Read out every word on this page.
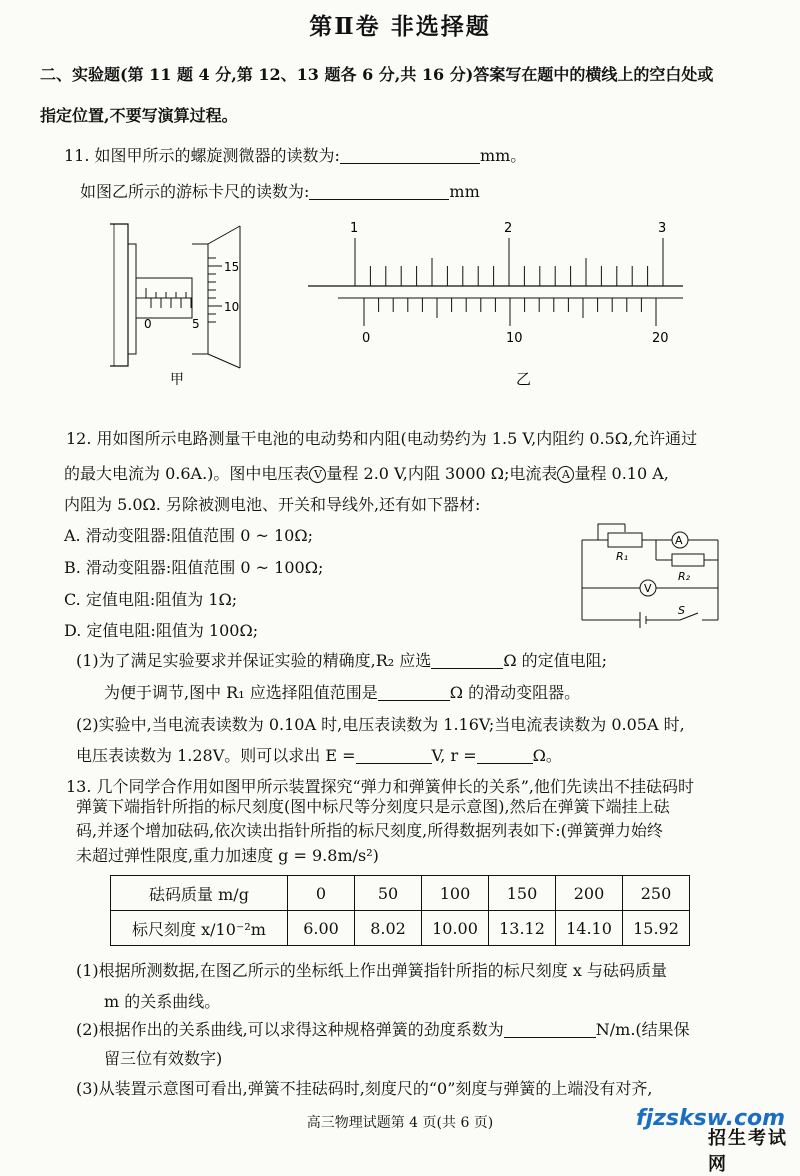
第Ⅱ卷 非选择题
二、实验题(第 11 题 4 分,第 12、13 题各 6 分,共 16 分)答案写在题中的横线上的空白处或
指定位置,不要写演算过程。
11. 如图甲所示的螺旋测微器的读数为:	mm。
如图乙所示的游标卡尺的读数为:	mm
15
10
0	5
甲
1	2	3
0	10	20
乙
12. 用如图所示电路测量干电池的电动势和内阻(电动势约为 1.5 V,内阻约 0.5Ω,允许通过
的最大电流为 0.6A.)。图中电压表 V 量程 2.0 V,内阻 3000 Ω;电流表 A 量程 0.10 A,
内阻为 5.0Ω. 另除被测电池、开关和导线外,还有如下器材:
A. 滑动变阻器:阻值范围 0 ~ 10Ω;
B. 滑动变阻器:阻值范围 0 ~ 100Ω;
C. 定值电阻:阻值为 1Ω;
D. 定值电阻:阻值为 100Ω;
A
V
R₁
R₂
S
(1)为了满足实验要求并保证实验的精确度,R₂ 应选	Ω 的定值电阻;
为便于调节,图中 R₁ 应选择阻值范围是	Ω 的滑动变阻器。
(2)实验中,当电流表读数为 0.10A 时,电压表读数为 1.16V;当电流表读数为 0.05A 时,
电压表读数为 1.28V。则可以求出 E =	V, r =	Ω。
13. 几个同学合作用如图甲所示装置探究“弹力和弹簧伸长的关系”,他们先读出不挂砝码时
弹簧下端指针所指的标尺刻度(图中标尺等分刻度只是示意图),然后在弹簧下端挂上砝
码,并逐个增加砝码,依次读出指针所指的标尺刻度,所得数据列表如下:(弹簧弹力始终
未超过弹性限度,重力加速度 g = 9.8m/s²)
砝码质量 m/g	0	50	100	150	200	250
标尺刻度 x/10⁻²m	6.00	8.02	10.00	13.12	14.10	15.92
(1)根据所测数据,在图乙所示的坐标纸上作出弹簧指针所指的标尺刻度 x 与砝码质量
m 的关系曲线。
(2)根据作出的关系曲线,可以求得这种规格弹簧的劲度系数为	N/m.(结果保
留三位有效数字)
(3)从装置示意图可看出,弹簧不挂砝码时,刻度尺的“0”刻度与弹簧的上端没有对齐,
高三物理试题第 4 页(共 6 页)	fjzsksw.com
招生考试网
